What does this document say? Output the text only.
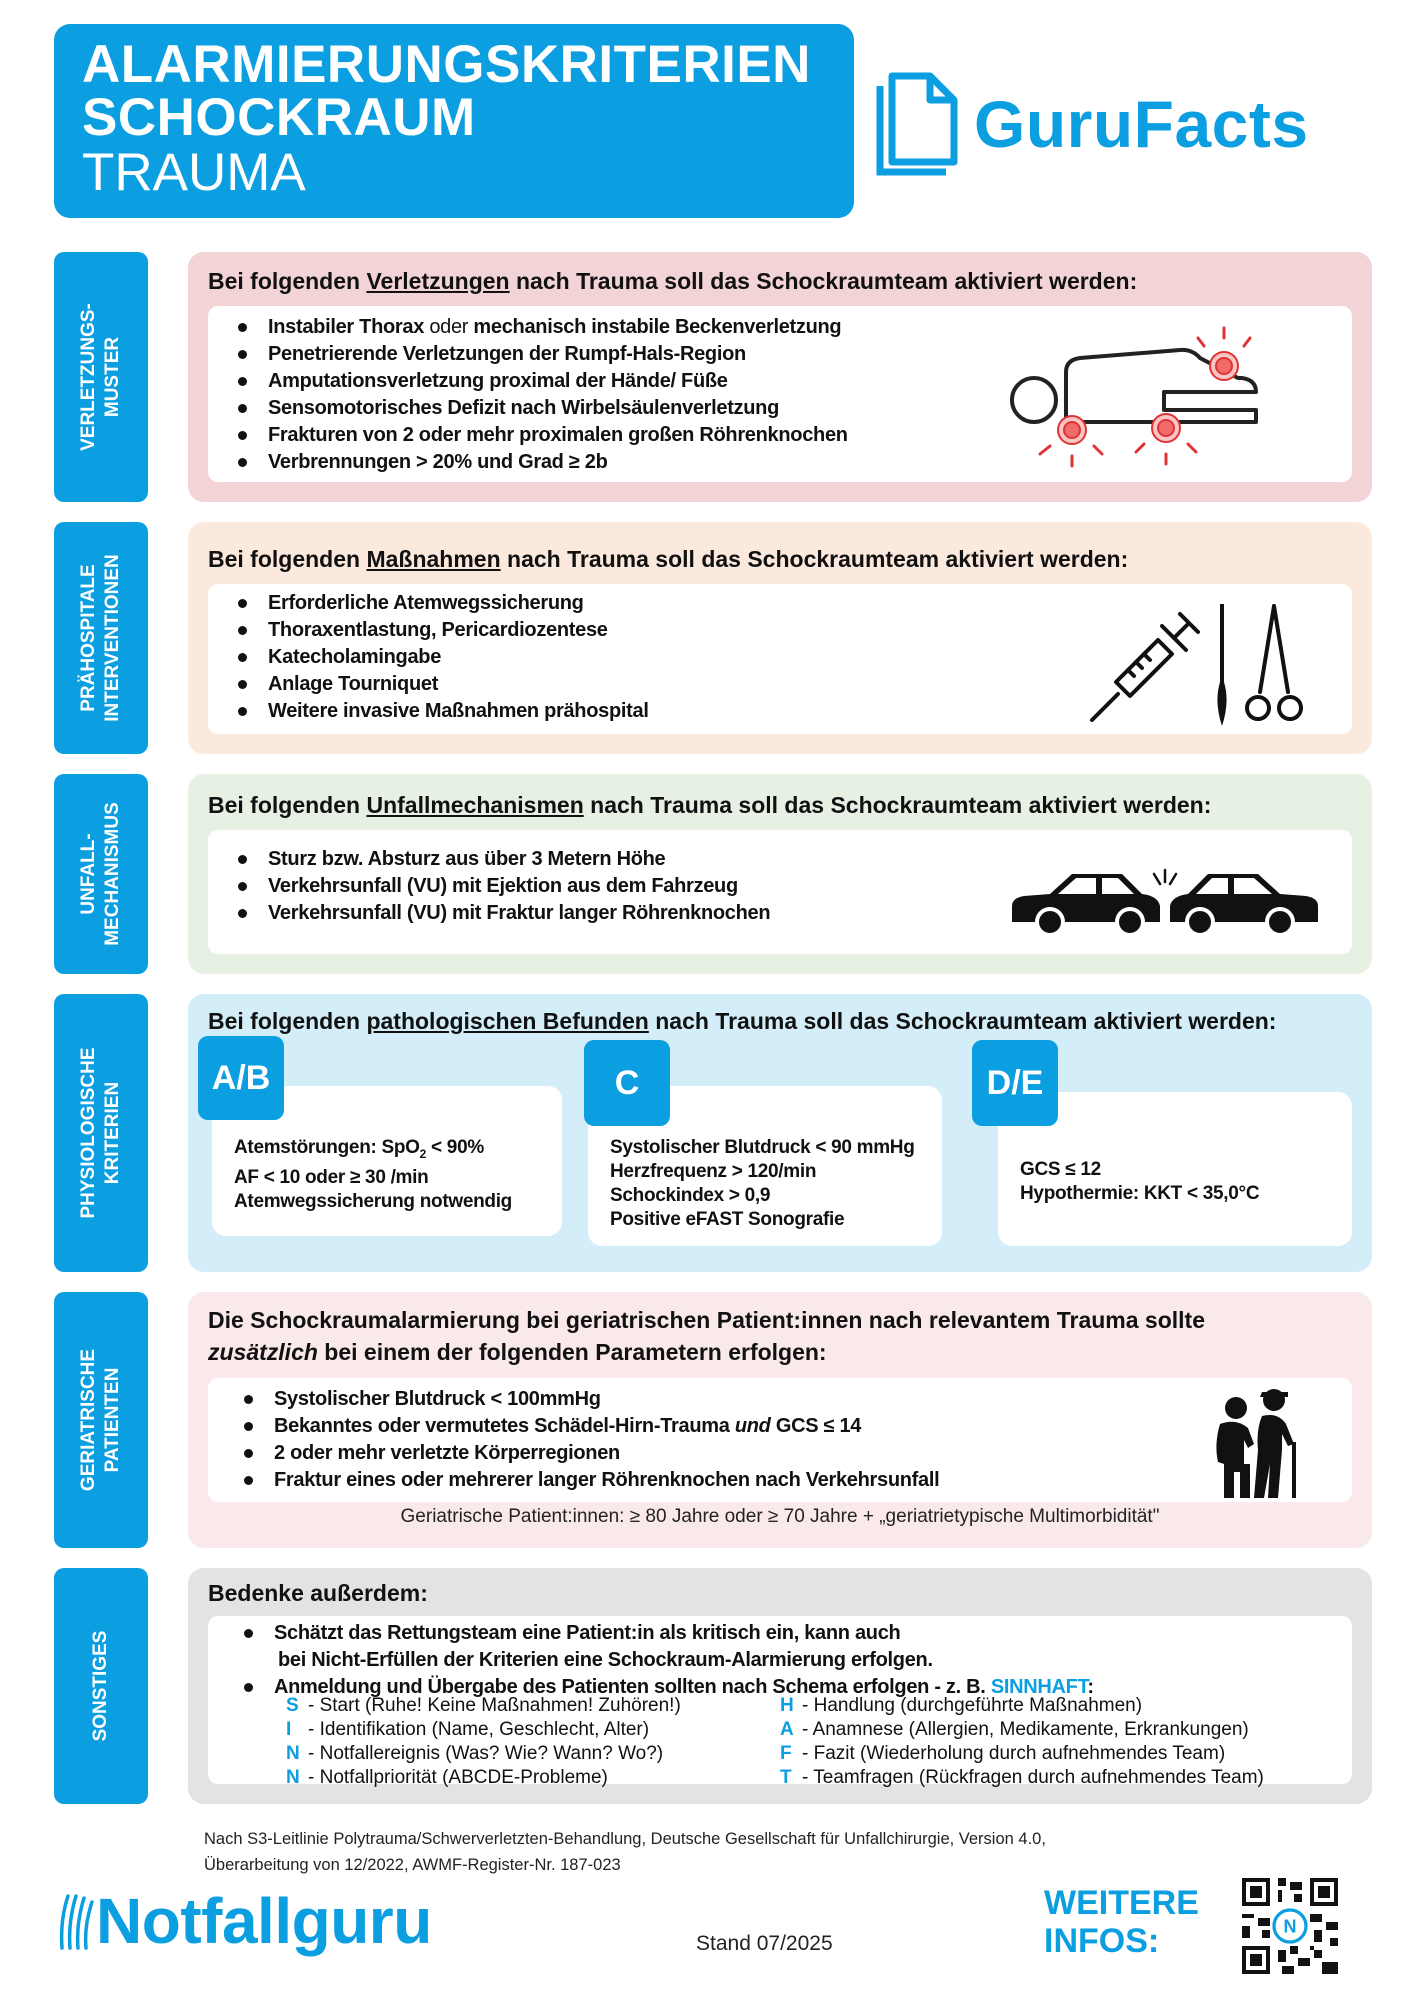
ALARMIERUNGSKRITERIEN
SCHOCKRAUM
TRAUMA
GuruFacts
VERLETZUNGS-
MUSTER
PRÄHOSPITALE
INTERVENTIONEN
UNFALL-
MECHANISMUS
PHYSIOLOGISCHE
KRITERIEN
GERIATRISCHE
PATIENTEN
SONSTIGES
Bei folgenden Verletzungen nach Trauma soll das Schockraumteam aktiviert werden:
Instabiler Thorax oder mechanisch instabile Beckenverletzung
Penetrierende Verletzungen der Rumpf-Hals-Region
Amputationsverletzung proximal der Hände/ Füße
Sensomotorisches Defizit nach Wirbelsäulenverletzung
Frakturen von 2 oder mehr proximalen großen Röhrenknochen
Verbrennungen > 20% und Grad ≥ 2b
Bei folgenden Maßnahmen nach Trauma soll das Schockraumteam aktiviert werden:
Erforderliche Atemwegssicherung
Thoraxentlastung, Pericardiozentese
Katecholamingabe
Anlage Tourniquet
Weitere invasive Maßnahmen prähospital
Bei folgenden Unfallmechanismen nach Trauma soll das Schockraumteam aktiviert werden:
Sturz bzw. Absturz aus über 3 Metern Höhe
Verkehrsunfall (VU) mit Ejektion aus dem Fahrzeug
Verkehrsunfall (VU) mit Fraktur langer Röhrenknochen
Bei folgenden pathologischen Befunden nach Trauma soll das Schockraumteam aktiviert werden:
Atemstörungen: SpO$_2$ < 90%
AF < 10 oder ≥ 30 /min
Atemwegssicherung notwendig
A/B
Systolischer Blutdruck < 90 mmHg
Herzfrequenz > 120/min
Schockindex > 0,9
Positive eFAST Sonografie
C
GCS ≤ 12
Hypothermie: KKT < 35,0°C
D/E
Die Schockraumalarmierung bei geriatrischen Patient:innen nach relevantem Trauma sollte
zusätzlich bei einem der folgenden Parametern erfolgen:
Systolischer Blutdruck < 100mmHg
Bekanntes oder vermutetes Schädel-Hirn-Trauma und GCS ≤ 14
2 oder mehr verletzte Körperregionen
Fraktur eines oder mehrerer langer Röhrenknochen nach Verkehrsunfall
Geriatrische Patient:innen: ≥ 80 Jahre oder ≥ 70 Jahre + „geriatrietypische Multimorbidität"
Bedenke außerdem:
Schätzt das Rettungsteam eine Patient:in als kritisch ein, kann auch
bei Nicht-Erfüllen der Kriterien eine Schockraum-Alarmierung erfolgen.
Anmeldung und Übergabe des Patienten sollten nach Schema erfolgen - z. B. SINNHAFT:
S - Start (Ruhe! Keine Maßnahmen! Zuhören!)
I - Identifikation (Name, Geschlecht, Alter)
N - Notfallereignis (Was? Wie? Wann? Wo?)
N - Notfallpriorität (ABCDE-Probleme)
H - Handlung (durchgeführte Maßnahmen)
A - Anamnese (Allergien, Medikamente, Erkrankungen)
F - Fazit (Wiederholung durch aufnehmendes Team)
T - Teamfragen (Rückfragen durch aufnehmendes Team)
Nach S3-Leitlinie Polytrauma/Schwerverletzten-Behandlung, Deutsche Gesellschaft für Unfallchirurgie, Version 4.0,
Überarbeitung von 12/2022, AWMF-Register-Nr. 187-023
Notfallguru	Stand 07/2025
WEITERE
INFOS:	N
